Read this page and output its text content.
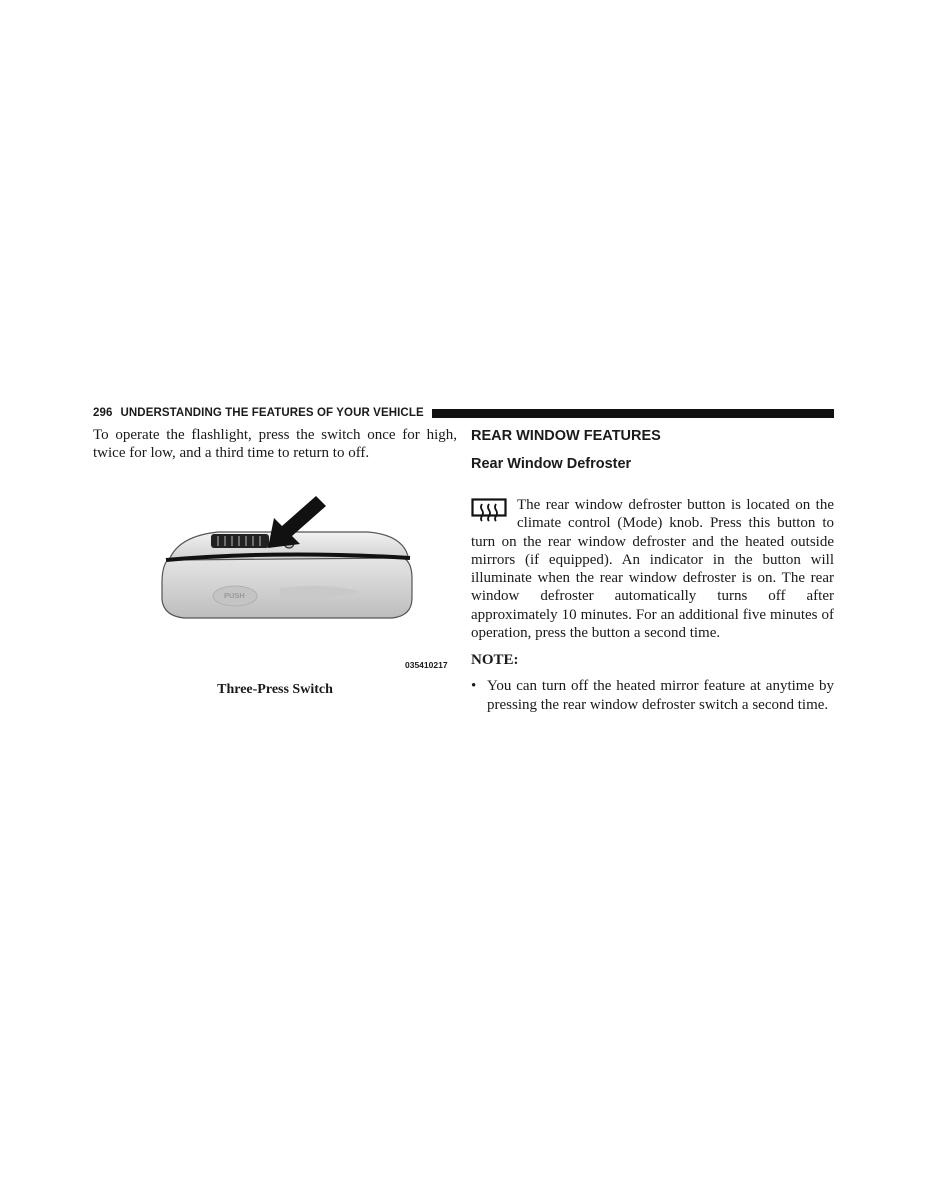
296 UNDERSTANDING THE FEATURES OF YOUR VEHICLE

To operate the flashlight, press the switch once for high, twice for low, and a third time to return to off.

PUSH
035410217
Three-Press Switch
REAR WINDOW FEATURES
Rear Window Defroster

The rear window defroster button is located on the climate control (Mode) knob. Press this button to turn on the rear window defroster and the heated outside mirrors (if equipped). An indicator in the button will illuminate when the rear window defroster is on. The rear window defroster automatically turns off after approximately 10 minutes. For an additional five minutes of operation, press the button a second time.

NOTE:
• You can turn off the heated mirror feature at anytime by pressing the rear window defroster switch a second time.
